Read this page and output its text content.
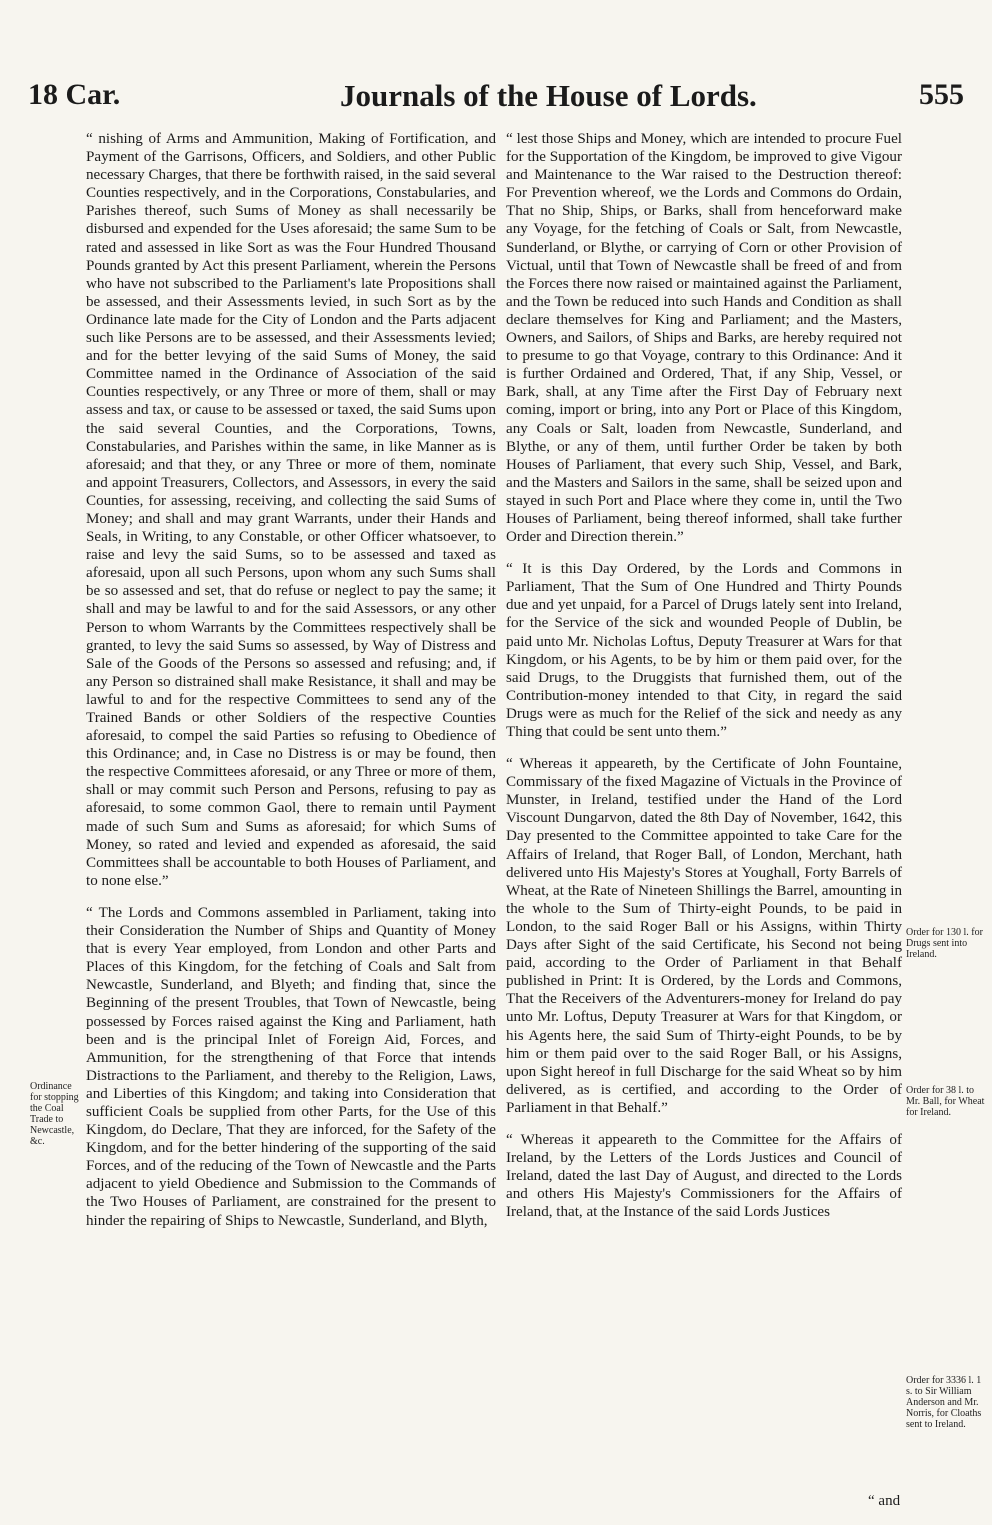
18 Car.	Journals of the House of Lords.	555

“ nishing of Arms and Ammunition, Making of Fortification, and Payment of the Garrisons, Officers, and Soldiers, and other Public necessary Charges, that there be forthwith raised, in the said several Counties respectively, and in the Corporations, Constabularies, and Parishes thereof, such Sums of Money as shall necessarily be disbursed and expended for the Uses aforesaid; the same Sum to be rated and assessed in like Sort as was the Four Hundred Thousand Pounds granted by Act this present Parliament, wherein the Persons who have not subscribed to the Parliament's late Propositions shall be assessed, and their Assessments levied, in such Sort as by the Ordinance late made for the City of London and the Parts adjacent such like Persons are to be assessed, and their Assessments levied; and for the better levying of the said Sums of Money, the said Committee named in the Ordinance of Association of the said Counties respectively, or any Three or more of them, shall or may assess and tax, or cause to be assessed or taxed, the said Sums upon the said several Counties, and the Corporations, Towns, Constabularies, and Parishes within the same, in like Manner as is aforesaid; and that they, or any Three or more of them, nominate and appoint Treasurers, Collectors, and Assessors, in every the said Counties, for assessing, receiving, and collecting the said Sums of Money; and shall and may grant Warrants, under their Hands and Seals, in Writing, to any Constable, or other Officer whatsoever, to raise and levy the said Sums, so to be assessed and taxed as aforesaid, upon all such Persons, upon whom any such Sums shall be so assessed and set, that do refuse or neglect to pay the same; it shall and may be lawful to and for the said Assessors, or any other Person to whom Warrants by the Committees respectively shall be granted, to levy the said Sums so assessed, by Way of Distress and Sale of the Goods of the Persons so assessed and refusing; and, if any Person so distrained shall make Resistance, it shall and may be lawful to and for the respective Committees to send any of the Trained Bands or other Soldiers of the respective Counties aforesaid, to compel the said Parties so refusing to Obedience of this Ordinance; and, in Case no Distress is or may be found, then the respective Committees aforesaid, or any Three or more of them, shall or may commit such Person and Persons, refusing to pay as aforesaid, to some common Gaol, there to remain until Payment made of such Sum and Sums as aforesaid; for which Sums of Money, so rated and levied and expended as aforesaid, the said Committees shall be accountable to both Houses of Parliament, and to none else.”

“ The Lords and Commons assembled in Parliament, taking into their Consideration the Number of Ships and Quantity of Money that is every Year employed, from London and other Parts and Places of this Kingdom, for the fetching of Coals and Salt from Newcastle, Sunderland, and Blyeth; and finding that, since the Beginning of the present Troubles, that Town of Newcastle, being possessed by Forces raised against the King and Parliament, hath been and is the principal Inlet of Foreign Aid, Forces, and Ammunition, for the strengthening of that Force that intends Distractions to the Parliament, and thereby to the Religion, Laws, and Liberties of this Kingdom; and taking into Consideration that sufficient Coals be supplied from other Parts, for the Use of this Kingdom, do Declare, That they are inforced, for the Safety of the Kingdom, and for the better hindering of the supporting of the said Forces, and of the reducing of the Town of Newcastle and the Parts adjacent to yield Obedience and Submission to the Commands of the Two Houses of Parliament, are constrained for the present to hinder the repairing of Ships to Newcastle, Sunderland, and Blyth,

“ lest those Ships and Money, which are intended to procure Fuel for the Supportation of the Kingdom, be improved to give Vigour and Maintenance to the War raised to the Destruction thereof: For Prevention whereof, we the Lords and Commons do Ordain, That no Ship, Ships, or Barks, shall from henceforward make any Voyage, for the fetching of Coals or Salt, from Newcastle, Sunderland, or Blythe, or carrying of Corn or other Provision of Victual, until that Town of Newcastle shall be freed of and from the Forces there now raised or maintained against the Parliament, and the Town be reduced into such Hands and Condition as shall declare themselves for King and Parliament; and the Masters, Owners, and Sailors, of Ships and Barks, are hereby required not to presume to go that Voyage, contrary to this Ordinance: And it is further Ordained and Ordered, That, if any Ship, Vessel, or Bark, shall, at any Time after the First Day of February next coming, import or bring, into any Port or Place of this Kingdom, any Coals or Salt, loaden from Newcastle, Sunderland, and Blythe, or any of them, until further Order be taken by both Houses of Parliament, that every such Ship, Vessel, and Bark, and the Masters and Sailors in the same, shall be seized upon and stayed in such Port and Place where they come in, until the Two Houses of Parliament, being thereof informed, shall take further Order and Direction therein.”

“ It is this Day Ordered, by the Lords and Commons in Parliament, That the Sum of One Hundred and Thirty Pounds due and yet unpaid, for a Parcel of Drugs lately sent into Ireland, for the Service of the sick and wounded People of Dublin, be paid unto Mr. Nicholas Loftus, Deputy Treasurer at Wars for that Kingdom, or his Agents, to be by him or them paid over, for the said Drugs, to the Druggists that furnished them, out of the Contribution-money intended to that City, in regard the said Drugs were as much for the Relief of the sick and needy as any Thing that could be sent unto them.”

“ Whereas it appeareth, by the Certificate of John Fountaine, Commissary of the fixed Magazine of Victuals in the Province of Munster, in Ireland, testified under the Hand of the Lord Viscount Dungarvon, dated the 8th Day of November, 1642, this Day presented to the Committee appointed to take Care for the Affairs of Ireland, that Roger Ball, of London, Merchant, hath delivered unto His Majesty's Stores at Youghall, Forty Barrels of Wheat, at the Rate of Nineteen Shillings the Barrel, amounting in the whole to the Sum of Thirty-eight Pounds, to be paid in London, to the said Roger Ball or his Assigns, within Thirty Days after Sight of the said Certificate, his Second not being paid, according to the Order of Parliament in that Behalf published in Print: It is Ordered, by the Lords and Commons, That the Receivers of the Adventurers-money for Ireland do pay unto Mr. Loftus, Deputy Treasurer at Wars for that Kingdom, or his Agents here, the said Sum of Thirty-eight Pounds, to be by him or them paid over to the said Roger Ball, or his Assigns, upon Sight hereof in full Discharge for the said Wheat so by him delivered, as is certified, and according to the Order of Parliament in that Behalf.”

“ Whereas it appeareth to the Committee for the Affairs of Ireland, by the Letters of the Lords Justices and Council of Ireland, dated the last Day of August, and directed to the Lords and others His Majesty's Commissioners for the Affairs of Ireland, that, at the Instance of the said Lords Justices

Ordinance for stopping the Coal Trade to Newcastle, &c.
Order for 130 l. for Drugs sent into Ireland.
Order for 38 l. to Mr. Ball, for Wheat for Ireland.
Order for 3336 l. 1 s. to Sir William Anderson and Mr. Norris, for Cloaths sent to Ireland.
“ and
